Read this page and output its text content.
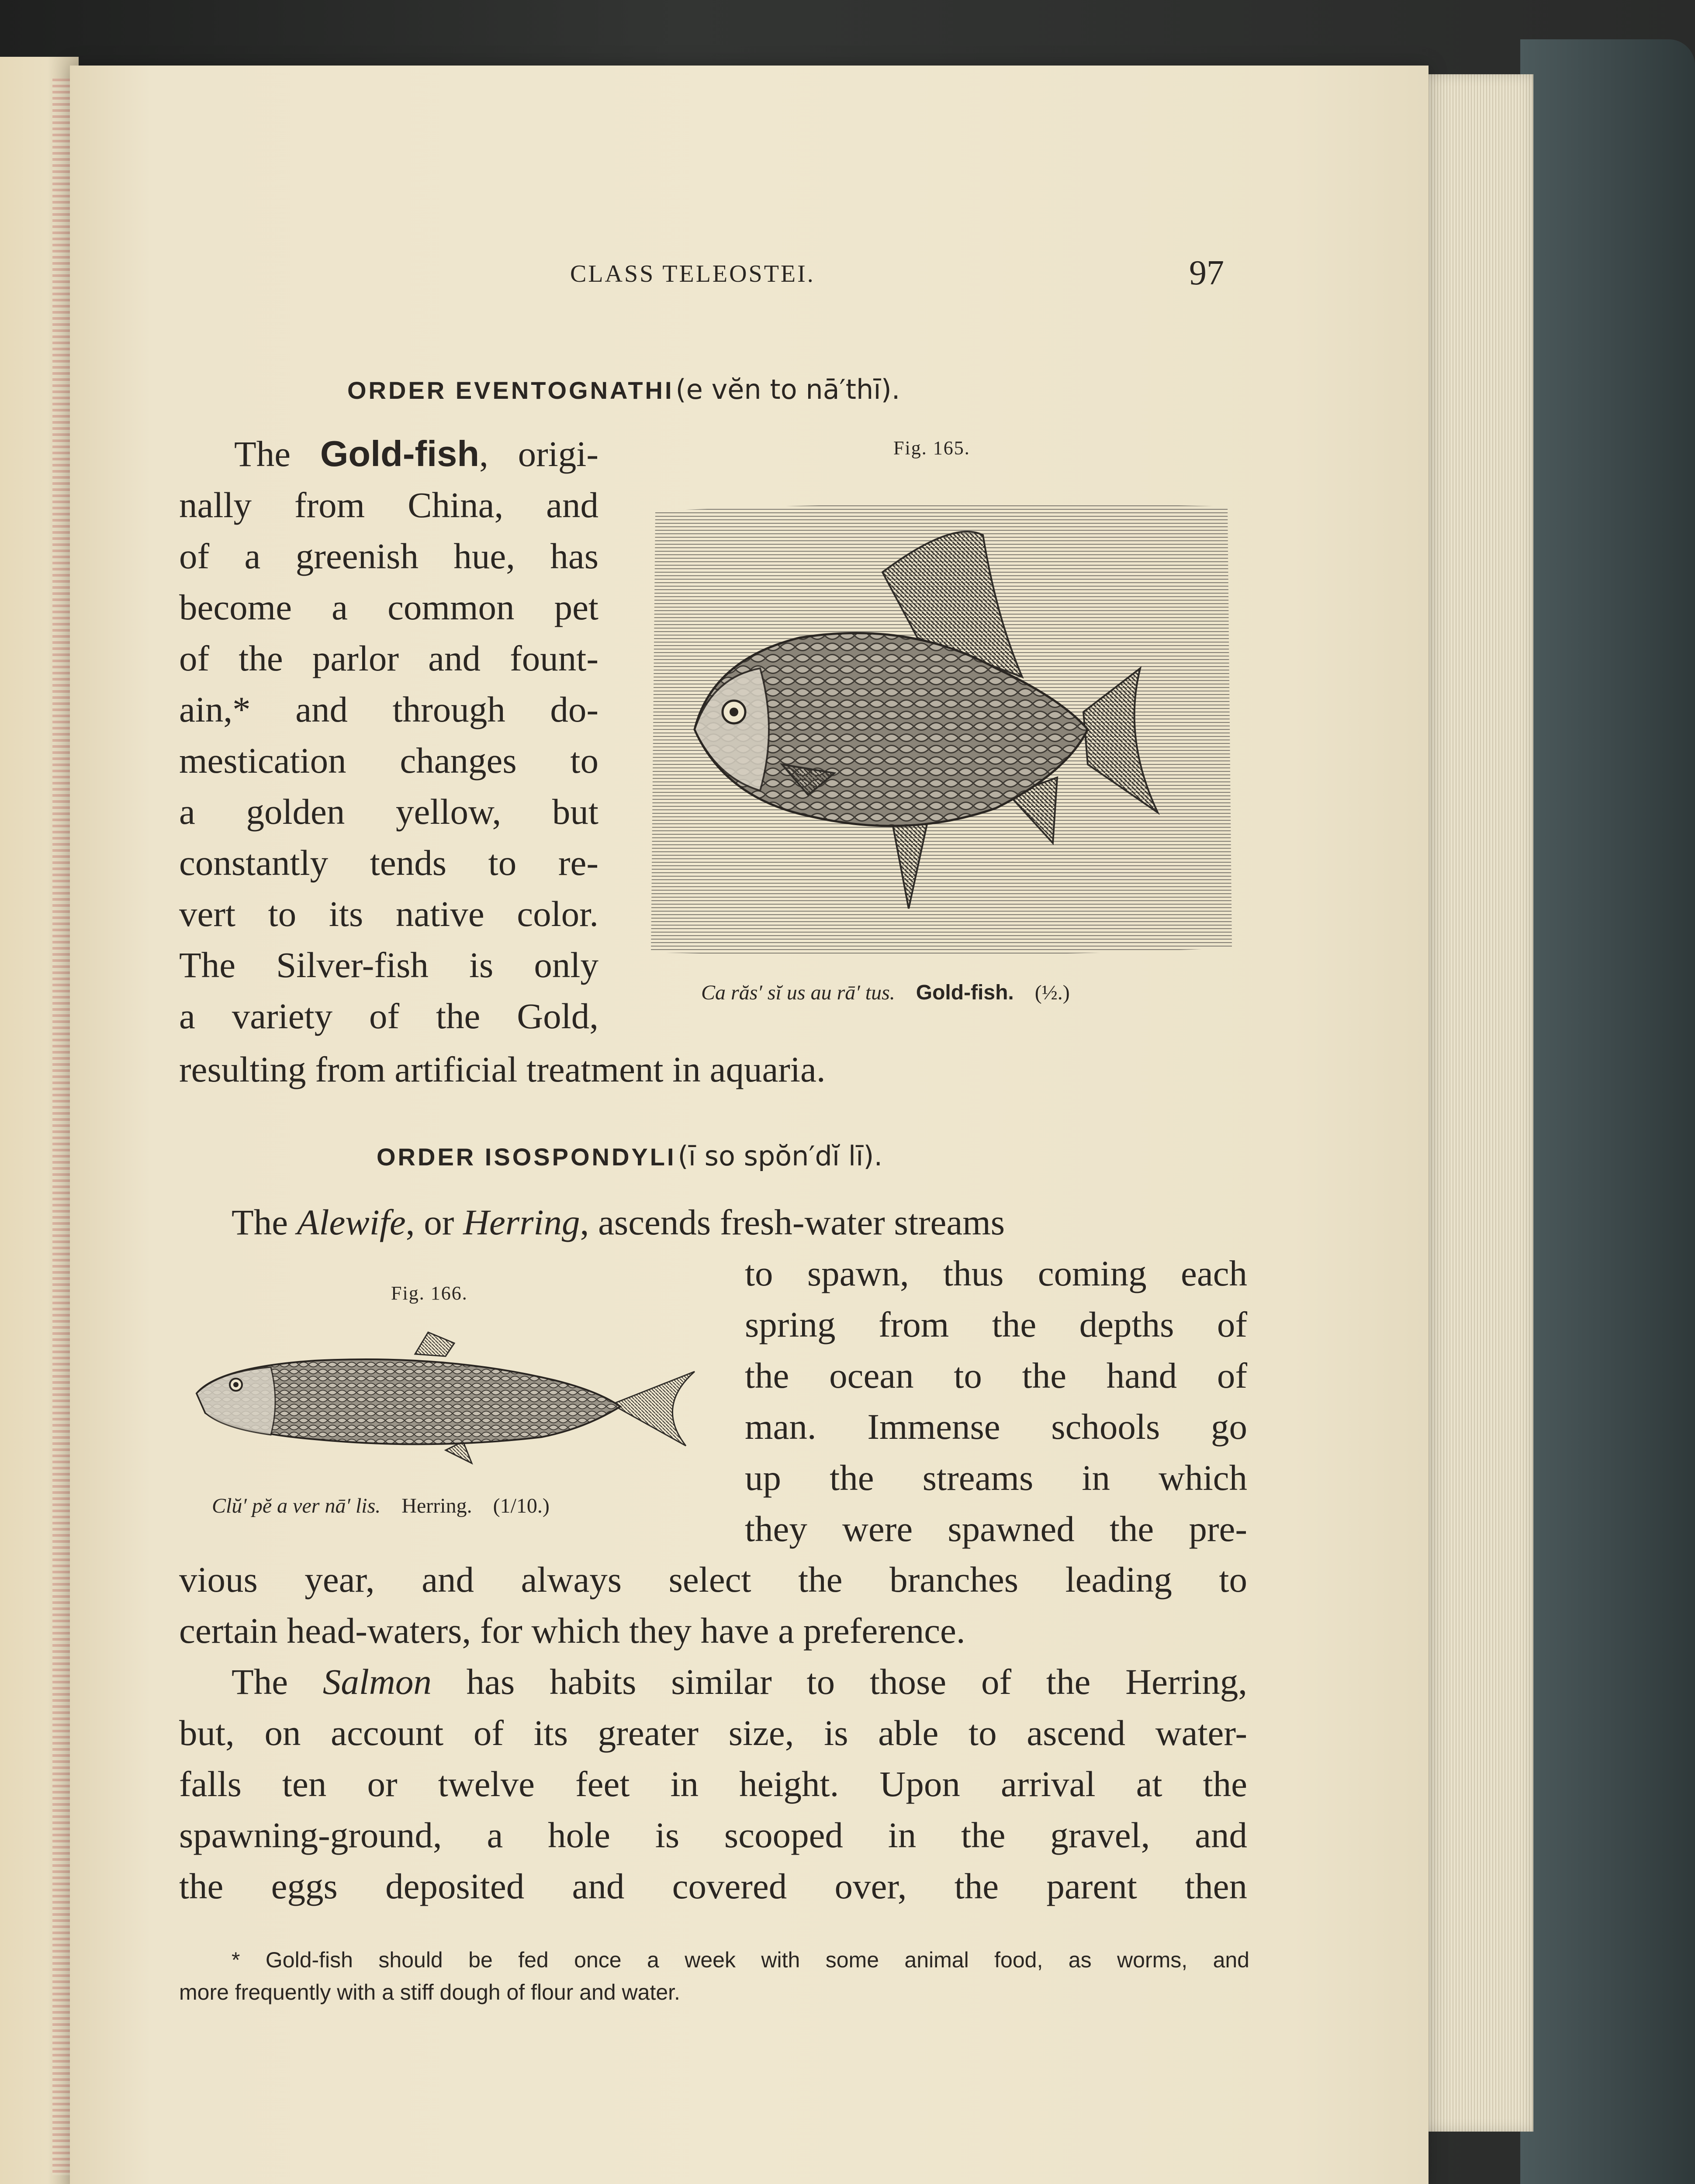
CLASS TELEOSTEI.	97
ORDER EVENTOGNATHI (e vĕn to nā′thī).
The Gold-fish, origi-
nally from China, and
of a greenish hue, has
become a common pet
of the parlor and fount-
ain,* and through do-
mestication changes to
a golden yellow, but
constantly tends to re-
vert to its native color.
The Silver-fish is only
a variety of the Gold,
resulting from artificial treatment in aquaria.
Fig. 165.
Ca răs′ sĭ us au rā′ tus. Gold-fish. (½.)
ORDER ISOSPONDYLI (ī so spŏn′dĭ lī).
The Alewife, or Herring, ascends fresh-water streams
Fig. 166.
Clŭ′ pĕ a ver nā′ lis. Herring. (1/10.)
to spawn, thus coming each
spring from the depths of
the ocean to the hand of
man. Immense schools go
up the streams in which
they were spawned the pre-
vious year, and always select the branches leading to
certain head-waters, for which they have a preference.
The Salmon has habits similar to those of the Herring,
but, on account of its greater size, is able to ascend water-
falls ten or twelve feet in height. Upon arrival at the
spawning-ground, a hole is scooped in the gravel, and
the eggs deposited and covered over, the parent then
* Gold-fish should be fed once a week with some animal food, as worms, and
more frequently with a stiff dough of flour and water.
